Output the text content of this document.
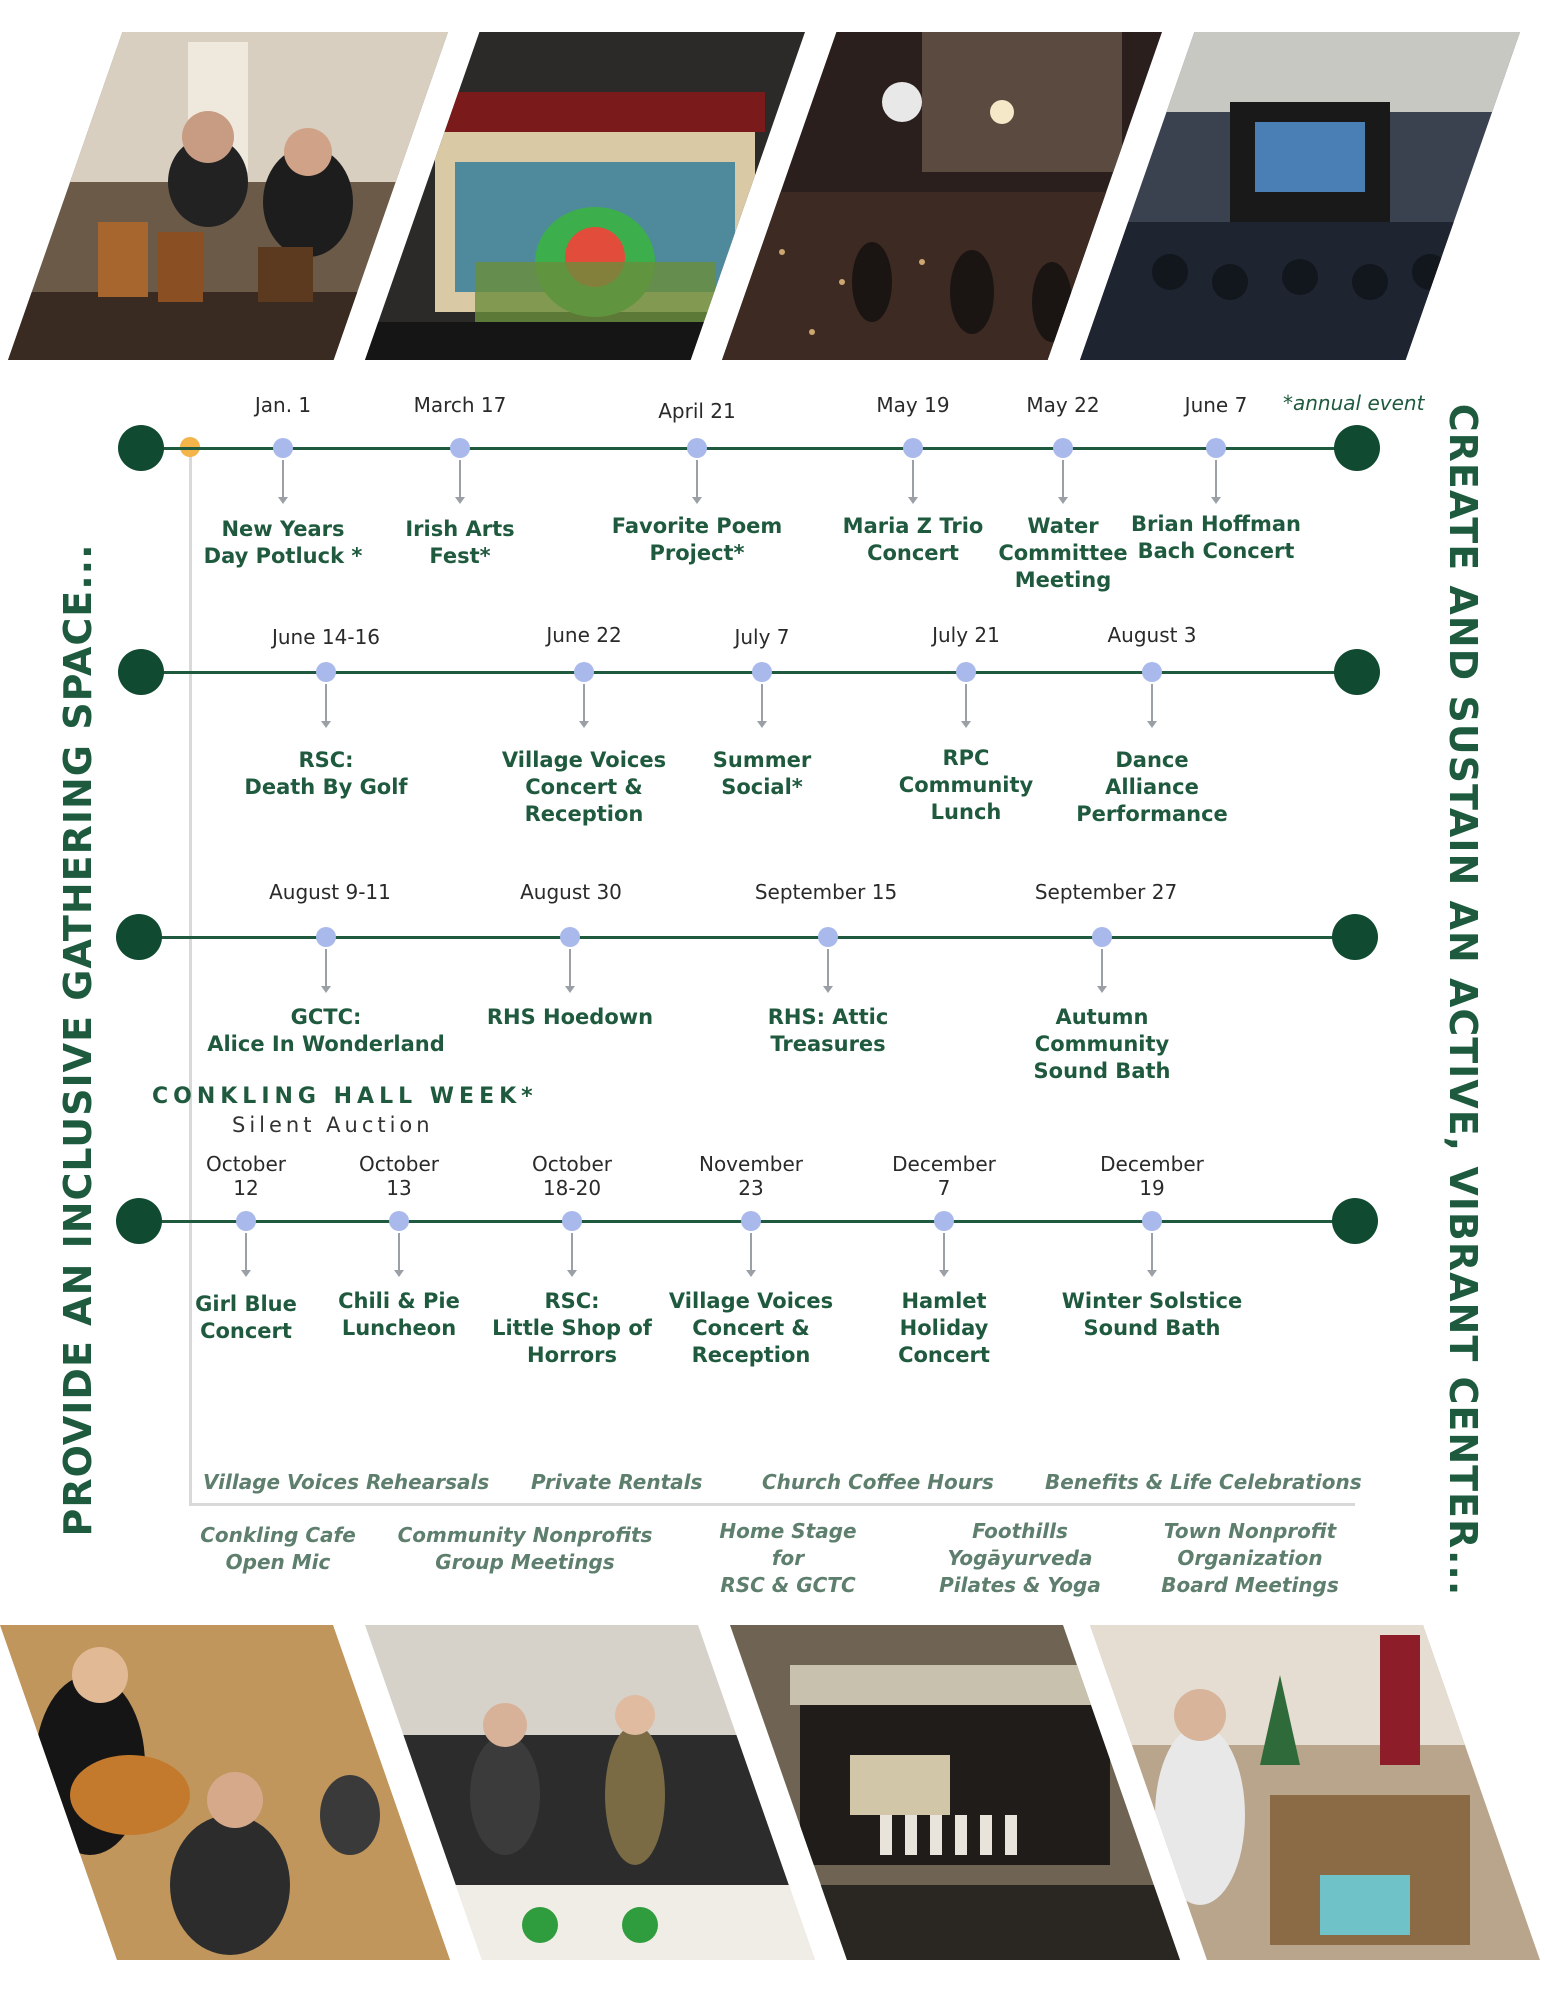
PROVIDE AN INCLUSIVE GATHERING SPACE...	CREATE AND SUSTAIN AN ACTIVE, VIBRANT CENTER...
*annual event
Jan. 1
New Years
Day Potluck *
March 17
Irish Arts
Fest*
April 21
Favorite Poem
Project*
May 19
Maria Z Trio
Concert
May 22
Water
Committee
Meeting
June 7
Brian Hoffman
Bach Concert
June 14-16
RSC:
Death By Golf
June 22
Village Voices
Concert &
Reception
July 7
Summer
Social*
July 21
RPC
Community
Lunch
August 3
Dance
Alliance
Performance
August 9-11
GCTC:
Alice In Wonderland
August 30
RHS Hoedown
September 15
RHS: Attic
Treasures
September 27
Autumn
Community
Sound Bath
CONKLING HALL WEEK*
Silent Auction
October
12
Girl Blue
Concert
October
13
Chili & Pie
Luncheon
October
18-20
RSC:
Little Shop of
Horrors
November
23
Village Voices
Concert &
Reception
December
7
Hamlet
Holiday
Concert
December
19
Winter Solstice
Sound Bath
Village Voices Rehearsals Private Rentals	Church Coffee Hours	Benefits & Life Celebrations
Conkling Cafe
Open Mic
Community Nonprofits
Group Meetings
Home Stage
for
RSC & GCTC
Foothills
Yogāyurveda
Pilates & Yoga
Town Nonprofit
Organization
Board Meetings
